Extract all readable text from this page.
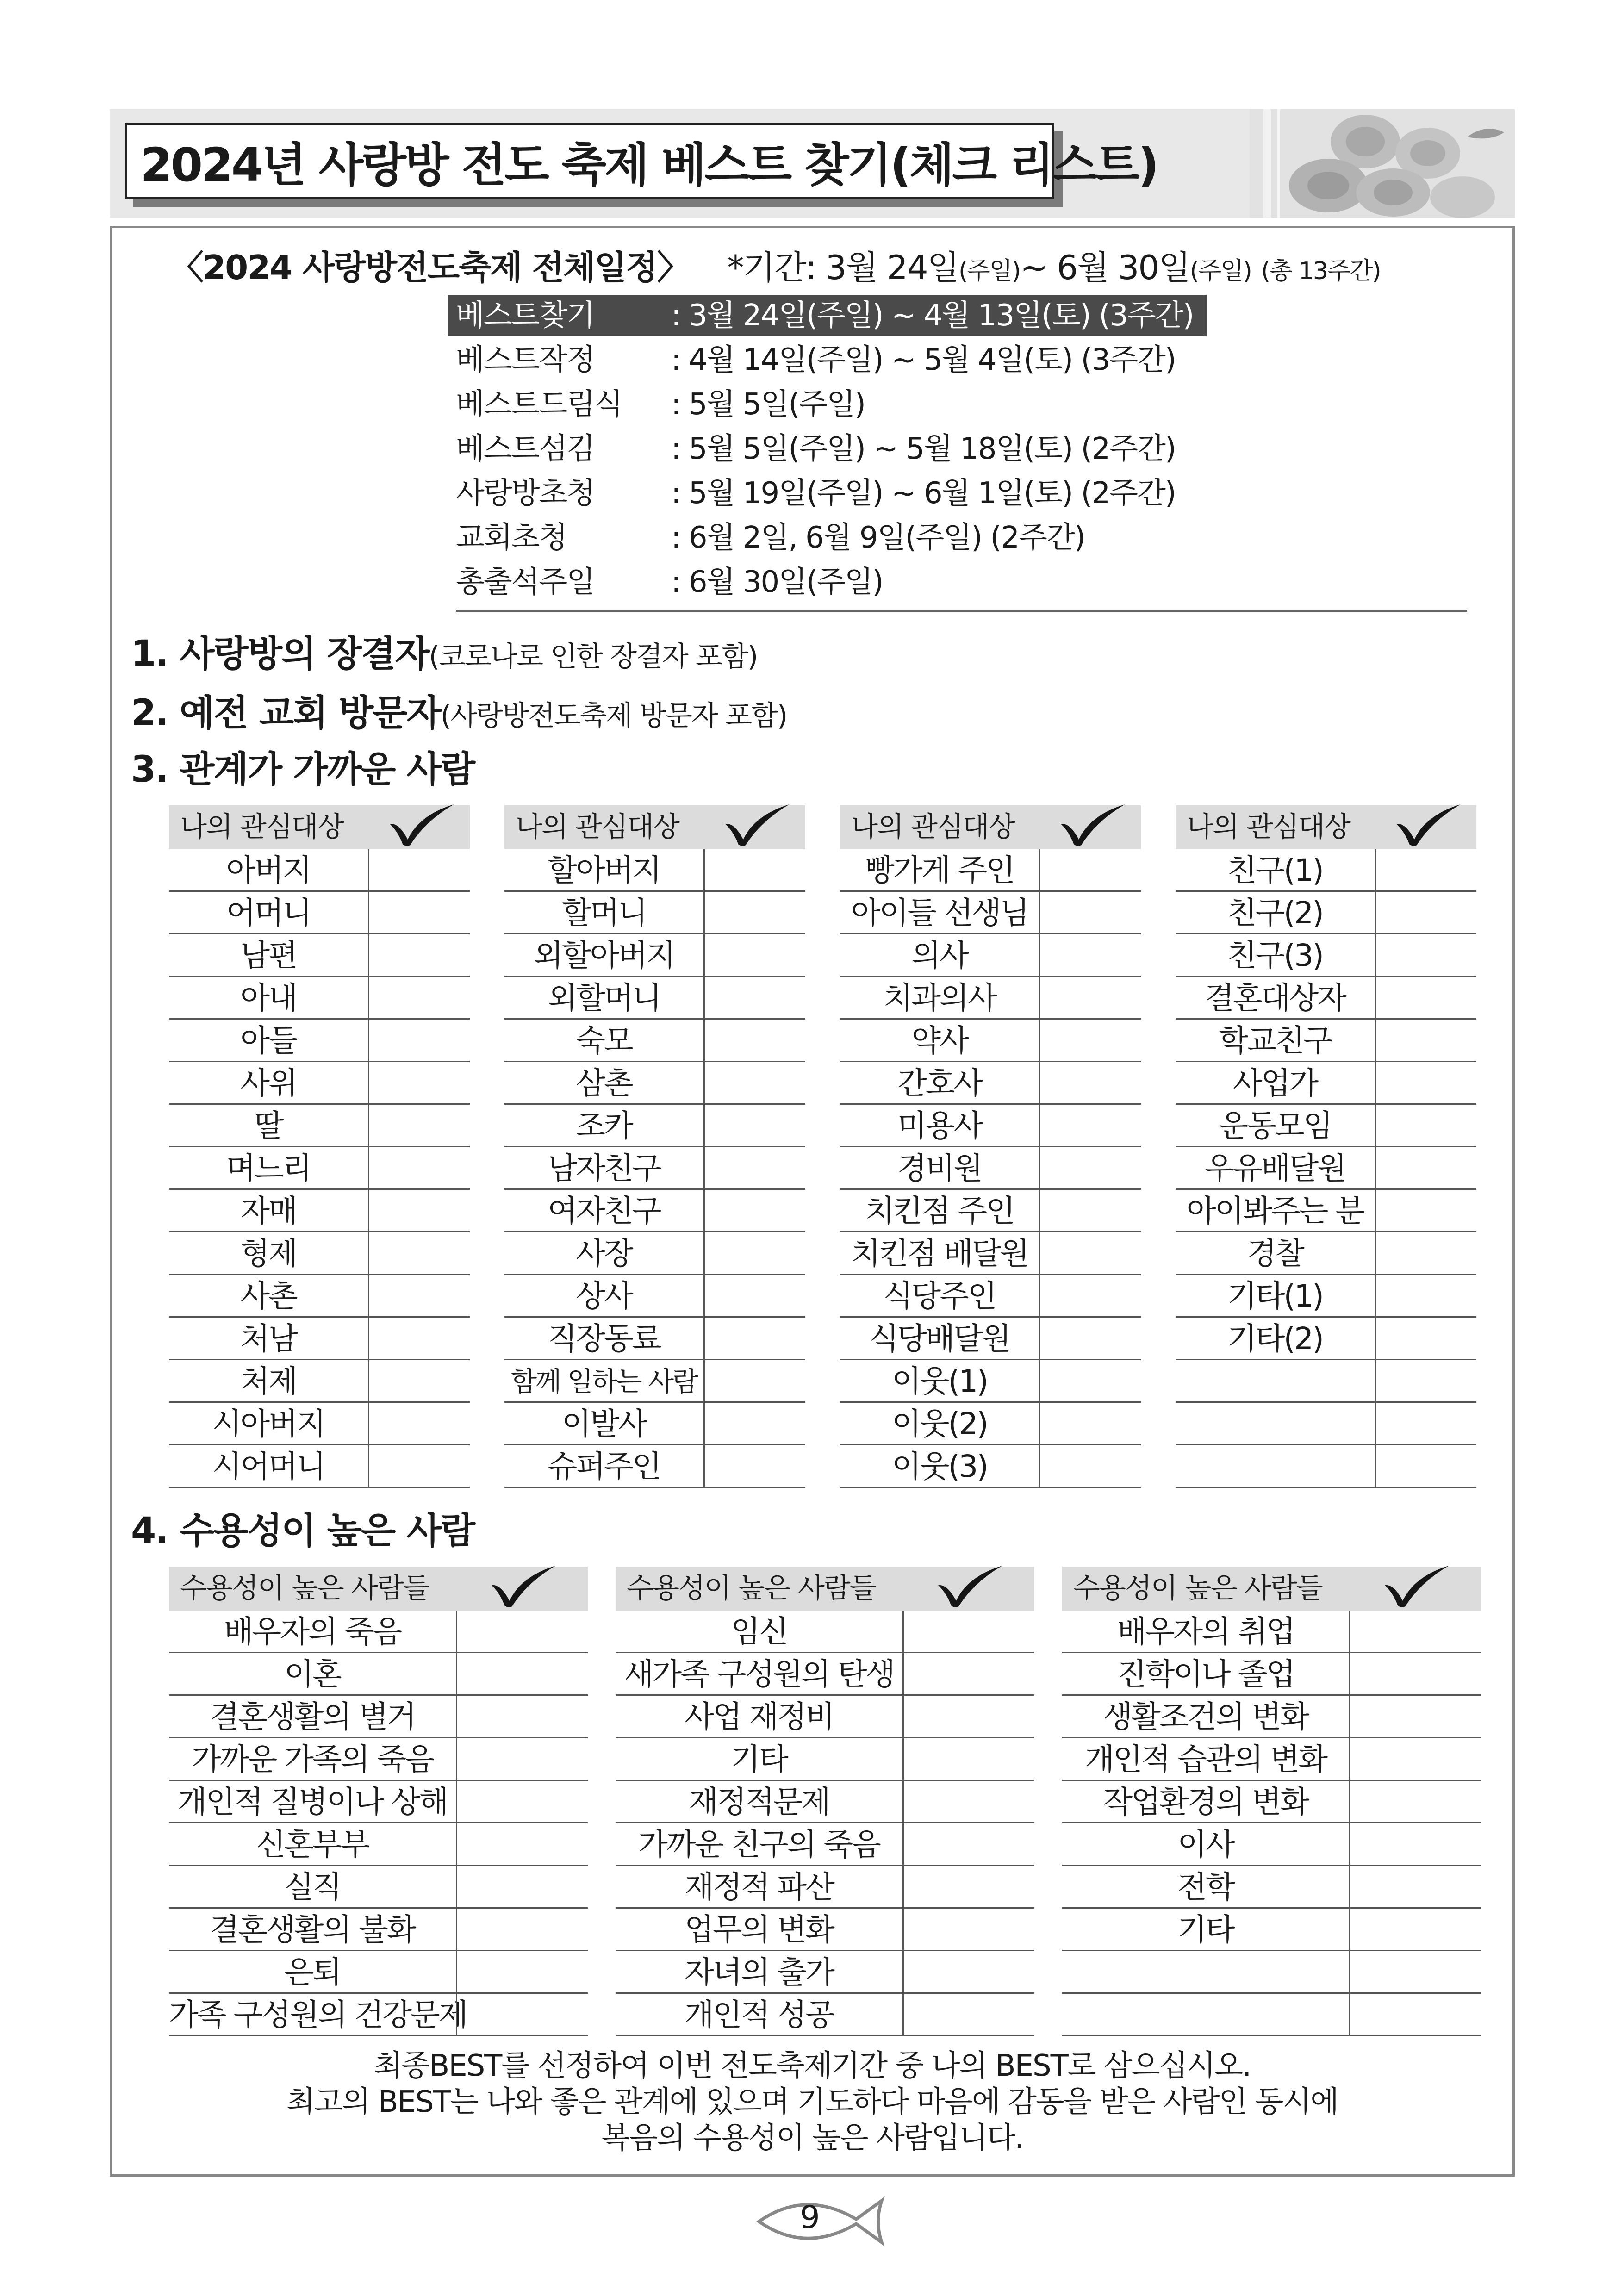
2024년 사랑방 전도 축제 베스트 찾기(체크 리스트)
〈2024 사랑방전도축제 전체일정〉 *기간: 3월 24일(주일)~ 6월 30일(주일) (총 13주간)
베스트찾기	: 3월 24일(주일) ~ 4월 13일(토) (3주간)
베스트작정	: 4월 14일(주일) ~ 5월 4일(토) (3주간)
베스트드림식 : 5월 5일(주일)
베스트섬김	: 5월 5일(주일) ~ 5월 18일(토) (2주간)
사랑방초청	: 5월 19일(주일) ~ 6월 1일(토) (2주간)
교회초청	: 6월 2일, 6월 9일(주일) (2주간)
총출석주일	: 6월 30일(주일)
1. 사랑방의 장결자(코로나로 인한 장결자 포함)
2. 예전 교회 방문자(사랑방전도축제 방문자 포함)
3. 관계가 가까운 사람
4. 수용성이 높은 사람
나의 관심대상
아버지
어머니
남편
아내
아들
사위
딸
며느리
자매
형제
사촌
처남
처제
시아버지
시어머니
나의 관심대상
할아버지
할머니
외할아버지
외할머니
숙모
삼촌
조카
남자친구
여자친구
사장
상사
직장동료
함께 일하는 사람
이발사
슈퍼주인
나의 관심대상
빵가게 주인
아이들 선생님
의사
치과의사
약사
간호사
미용사
경비원
치킨점 주인
치킨점 배달원
식당주인
식당배달원
이웃(1)
이웃(2)
이웃(3)
나의 관심대상
친구(1)
친구(2)
친구(3)
결혼대상자
학교친구
사업가
운동모임
우유배달원
아이봐주는 분
경찰
기타(1)
기타(2)
수용성이 높은 사람들
배우자의 죽음
이혼
결혼생활의 별거
가까운 가족의 죽음
개인적 질병이나 상해
신혼부부
실직
결혼생활의 불화
은퇴
가족 구성원의 건강문제
수용성이 높은 사람들
임신
새가족 구성원의 탄생
사업 재정비
기타
재정적문제
가까운 친구의 죽음
재정적 파산
업무의 변화
자녀의 출가
개인적 성공
수용성이 높은 사람들
배우자의 취업
진학이나 졸업
생활조건의 변화
개인적 습관의 변화
작업환경의 변화
이사
전학
기타
최종BEST를 선정하여 이번 전도축제기간 중 나의 BEST로 삼으십시오.
최고의 BEST는 나와 좋은 관계에 있으며 기도하다 마음에 감동을 받은 사람인 동시에
복음의 수용성이 높은 사람입니다.
9
